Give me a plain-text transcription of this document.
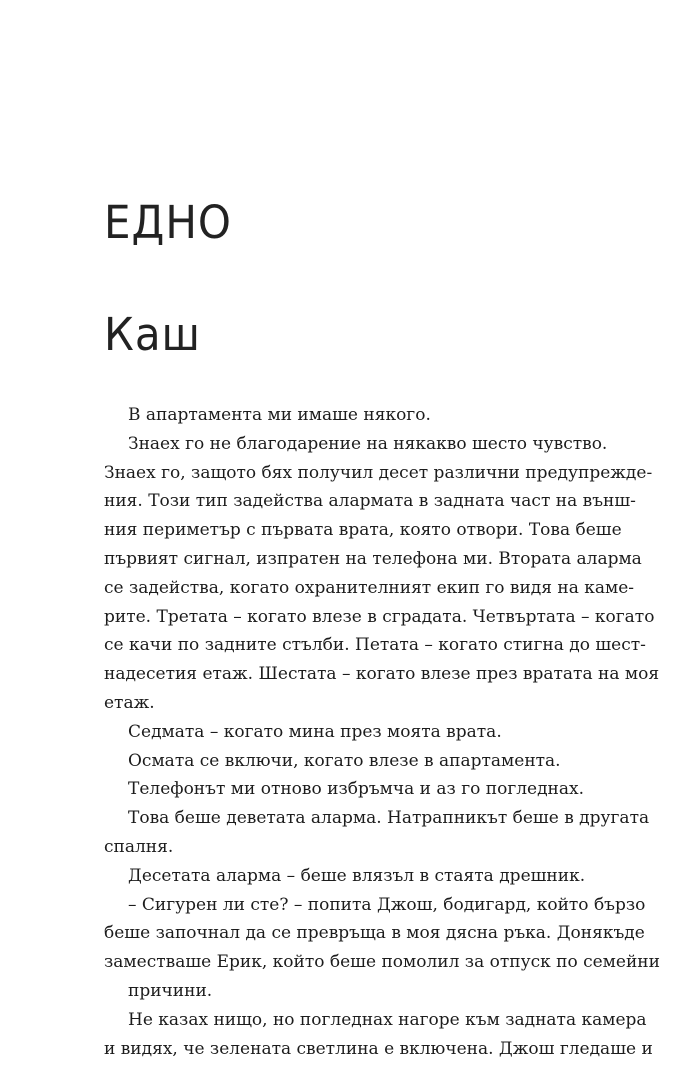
ЕДНО
Каш
В апартамента ми имаше някого.
Знаех го не благодарение на някакво шесто чувство.
Знаех го, защото бях получил десет различни предупрежде-
ния. Този тип задейства алармата в задната част на външ-
ния периметър с първата врата, която отвори. Това беше
първият сигнал, изпратен на телефона ми. Втората аларма
се задейства, когато охранителният екип го видя на каме-
рите. Третата – когато влезе в сградата. Четвъртата – когато
се качи по задните стълби. Петата – когато стигна до шест-
надесетия етаж. Шестата – когато влезе през вратата на моя
етаж.
Седмата – когато мина през моята врата.
Осмата се включи, когато влезе в апартамента.
Телефонът ми отново избръмча и аз го погледнах.
Това беше деветата аларма. Натрапникът беше в другата
спалня.
Десетата аларма – беше влязъл в стаята дрешник.
– Сигурен ли сте? – попита Джош, бодигард, който бързо
беше започнал да се превръща в моя дясна ръка. Донякъде
заместваше Ерик, който беше помолил за отпуск по семейни
причини.
Не казах нищо, но погледнах нагоре към задната камера
и видях, че зелената светлина е включена. Джош гледаше и
